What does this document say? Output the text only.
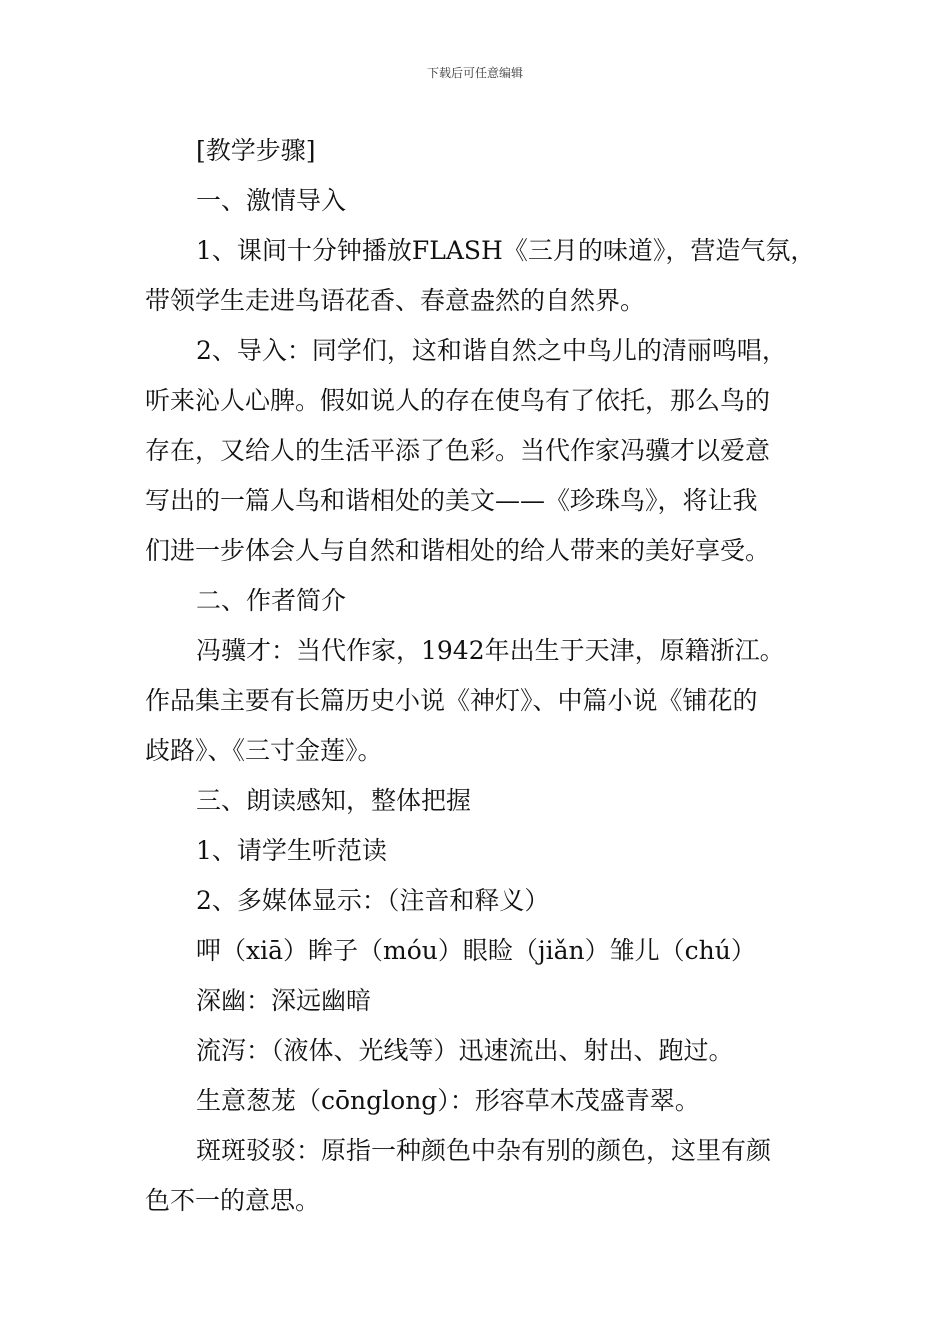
下载后可任意编辑
[教学步骤]
一、激情导入
1、课间十分钟播放FLASH《三月的味道》，营造气氛，
带领学生走进鸟语花香、春意盎然的自然界。
2、导入：同学们，这和谐自然之中鸟儿的清丽鸣唱，
听来沁人心脾。假如说人的存在使鸟有了依托，那么鸟的
存在，又给人的生活平添了色彩。当代作家冯骥才以爱意
写出的一篇人鸟和谐相处的美文——《珍珠鸟》，将让我
们进一步体会人与自然和谐相处的给人带来的美好享受。
二、作者简介
冯骥才：当代作家，1942年出生于天津，原籍浙江。
作品集主要有长篇历史小说《神灯》、中篇小说《铺花的
歧路》、《三寸金莲》。
三、朗读感知，整体把握
1、请学生听范读
2、多媒体显示：（注音和释义）
呷（xiā）眸子（móu）眼睑（jiǎn）雏儿（chú）
深幽：深远幽暗
流泻：（液体、光线等）迅速流出、射出、跑过。
生意葱茏（cōnglong）：形容草木茂盛青翠。
斑斑驳驳：原指一种颜色中杂有别的颜色，这里有颜
色不一的意思。
